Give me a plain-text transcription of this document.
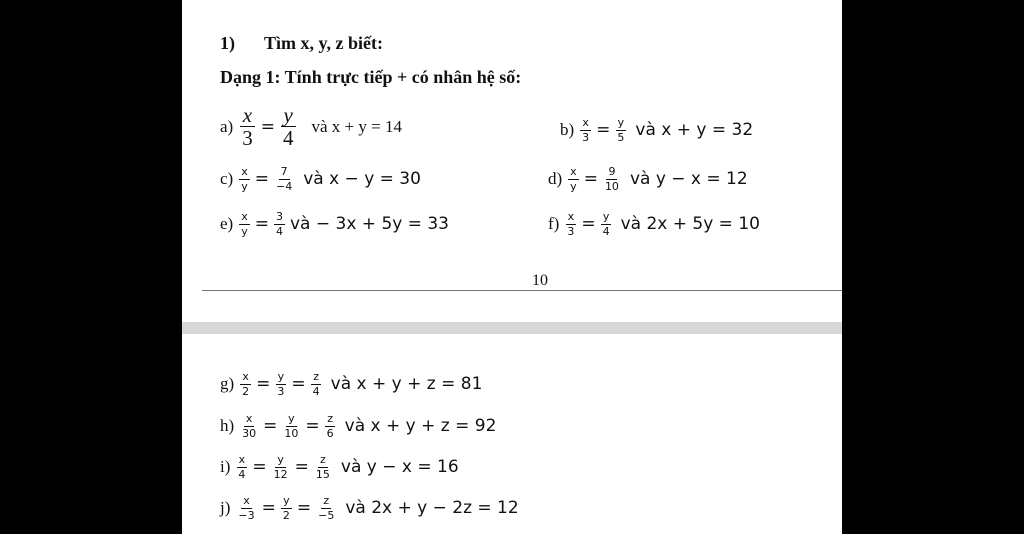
1) Tìm x, y, z biết:
Dạng 1: Tính trực tiếp + có nhân hệ số:
10
$a) \frac{x}{3} = \frac{y}{4}$ và x + y = 14	$b) \frac{x}{3} = \frac{y}{5}$ và x + y = 32
$c) \frac{x}{y} = \frac{7}{-4}$ và x − y = 30	$d) \frac{x}{y} = \frac{9}{10}$ và y − x = 12
$e) \frac{x}{y} = \frac{3}{4}$ và − 3x + 5y = 33	$f) \frac{x}{3} = \frac{y}{4}$ và 2x + 5y = 10
$g) \frac{x}{2} = \frac{y}{3} = \frac{z}{4}$ và x + y + z = 81
$h) \frac{x}{30} = \frac{y}{10} = \frac{z}{6}$ và x + y + z = 92
$i) \frac{x}{4} = \frac{y}{12} = \frac{z}{15}$ và y − x = 16
$j) \frac{x}{-3} = \frac{y}{2} = \frac{z}{-5}$ và 2x + y − 2z = 12
